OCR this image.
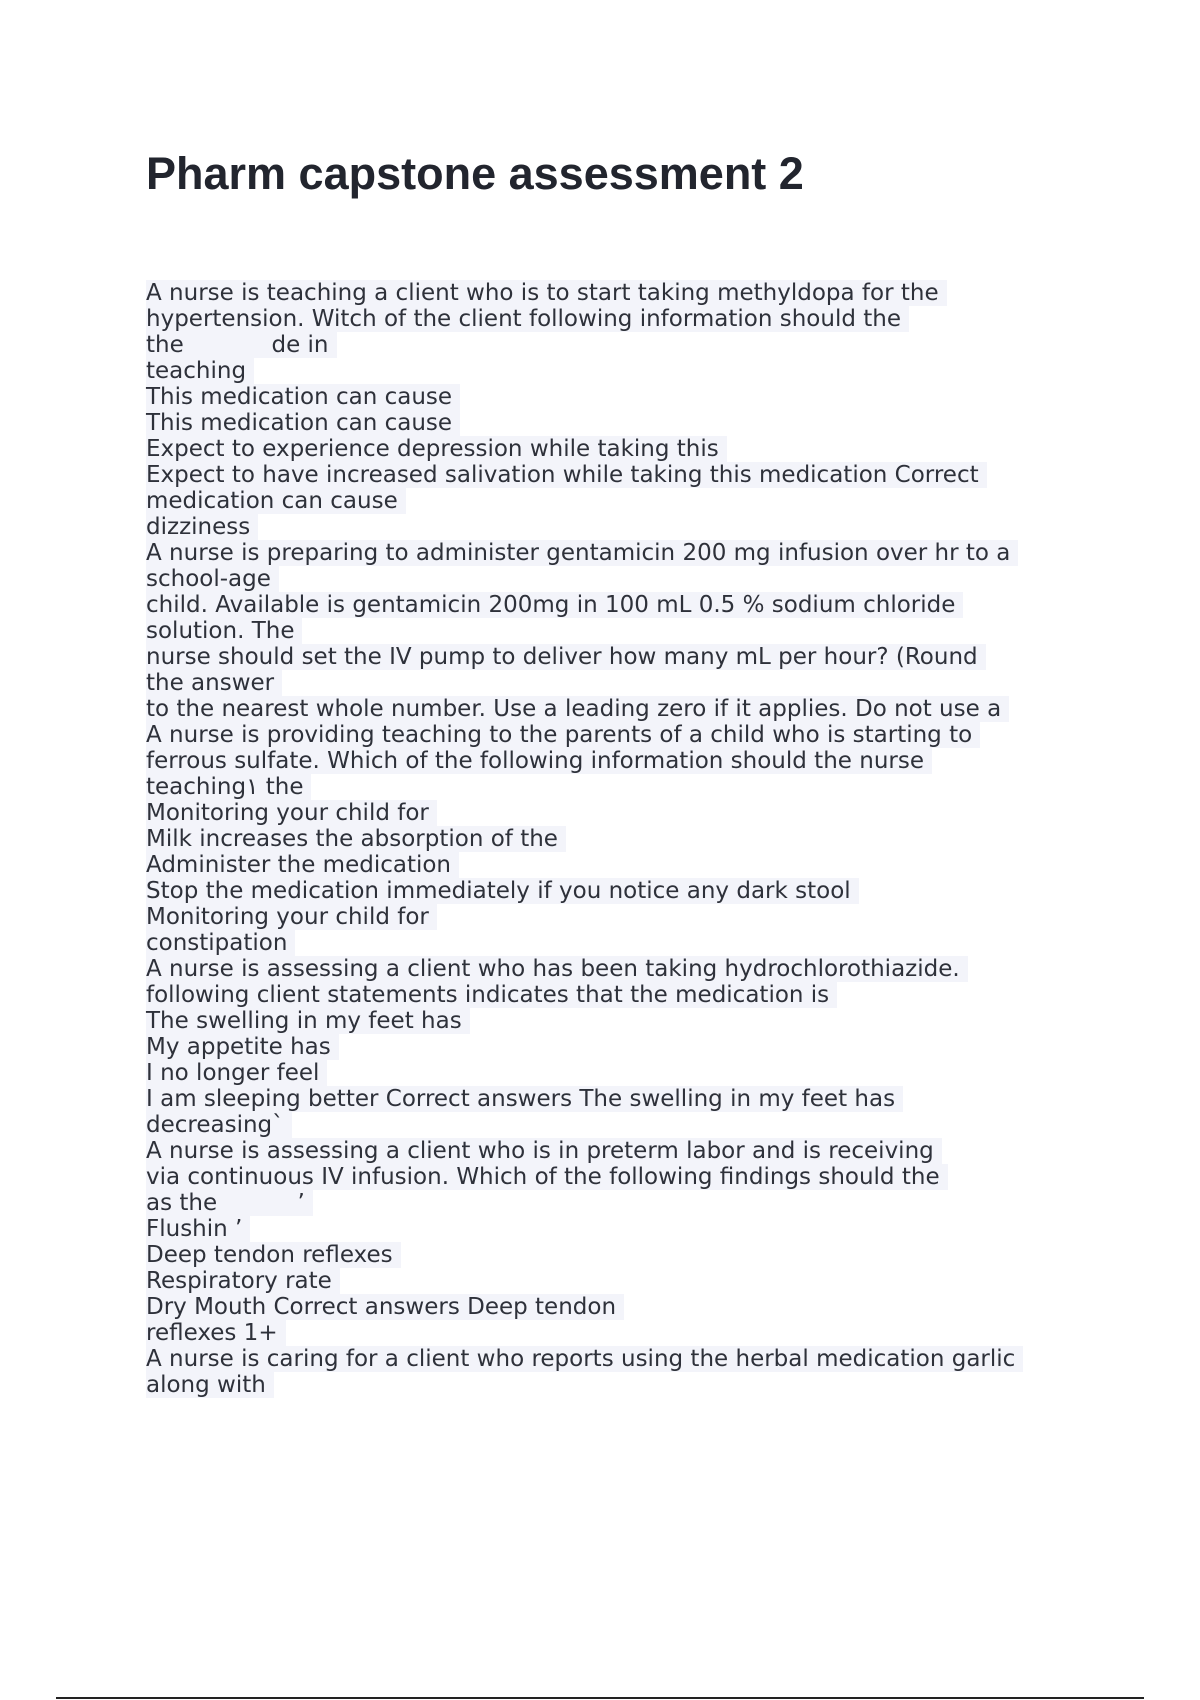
Pharm capstone assessment 2
A nurse is teaching a client who is to start taking methyldopa for the
hypertension. Witch of the client following information should the
the            de in
teaching
This medication can cause
This medication can cause
Expect to experience depression while taking this
Expect to have increased salivation while taking this medication Correct
medication can cause
dizziness
A nurse is preparing to administer gentamicin 200 mg infusion over hr to a
school-age
child. Available is gentamicin 200mg in 100 mL 0.5 % sodium chloride
solution. The
nurse should set the IV pump to deliver how many mL per hour? (Round
the answer
to the nearest whole number. Use a leading zero if it applies. Do not use a
A nurse is providing teaching to the parents of a child who is starting to
ferrous sulfate. Which of the following information should the nurse
teaching١ the
Monitoring your child for
Milk increases the absorption of the
Administer the medication
Stop the medication immediately if you notice any dark stool
Monitoring your child for
constipation
A nurse is assessing a client who has been taking hydrochlorothiazide.
following client statements indicates that the medication is
The swelling in my feet has
My appetite has
I no longer feel
I am sleeping better Correct answers The swelling in my feet has
decreasing`
A nurse is assessing a client who is in preterm labor and is receiving
via continuous IV infusion. Which of the following findings should the
as the           ’
Flushin ’
Deep tendon reflexes
Respiratory rate
Dry Mouth Correct answers Deep tendon
reflexes 1+
A nurse is caring for a client who reports using the herbal medication garlic
along with
